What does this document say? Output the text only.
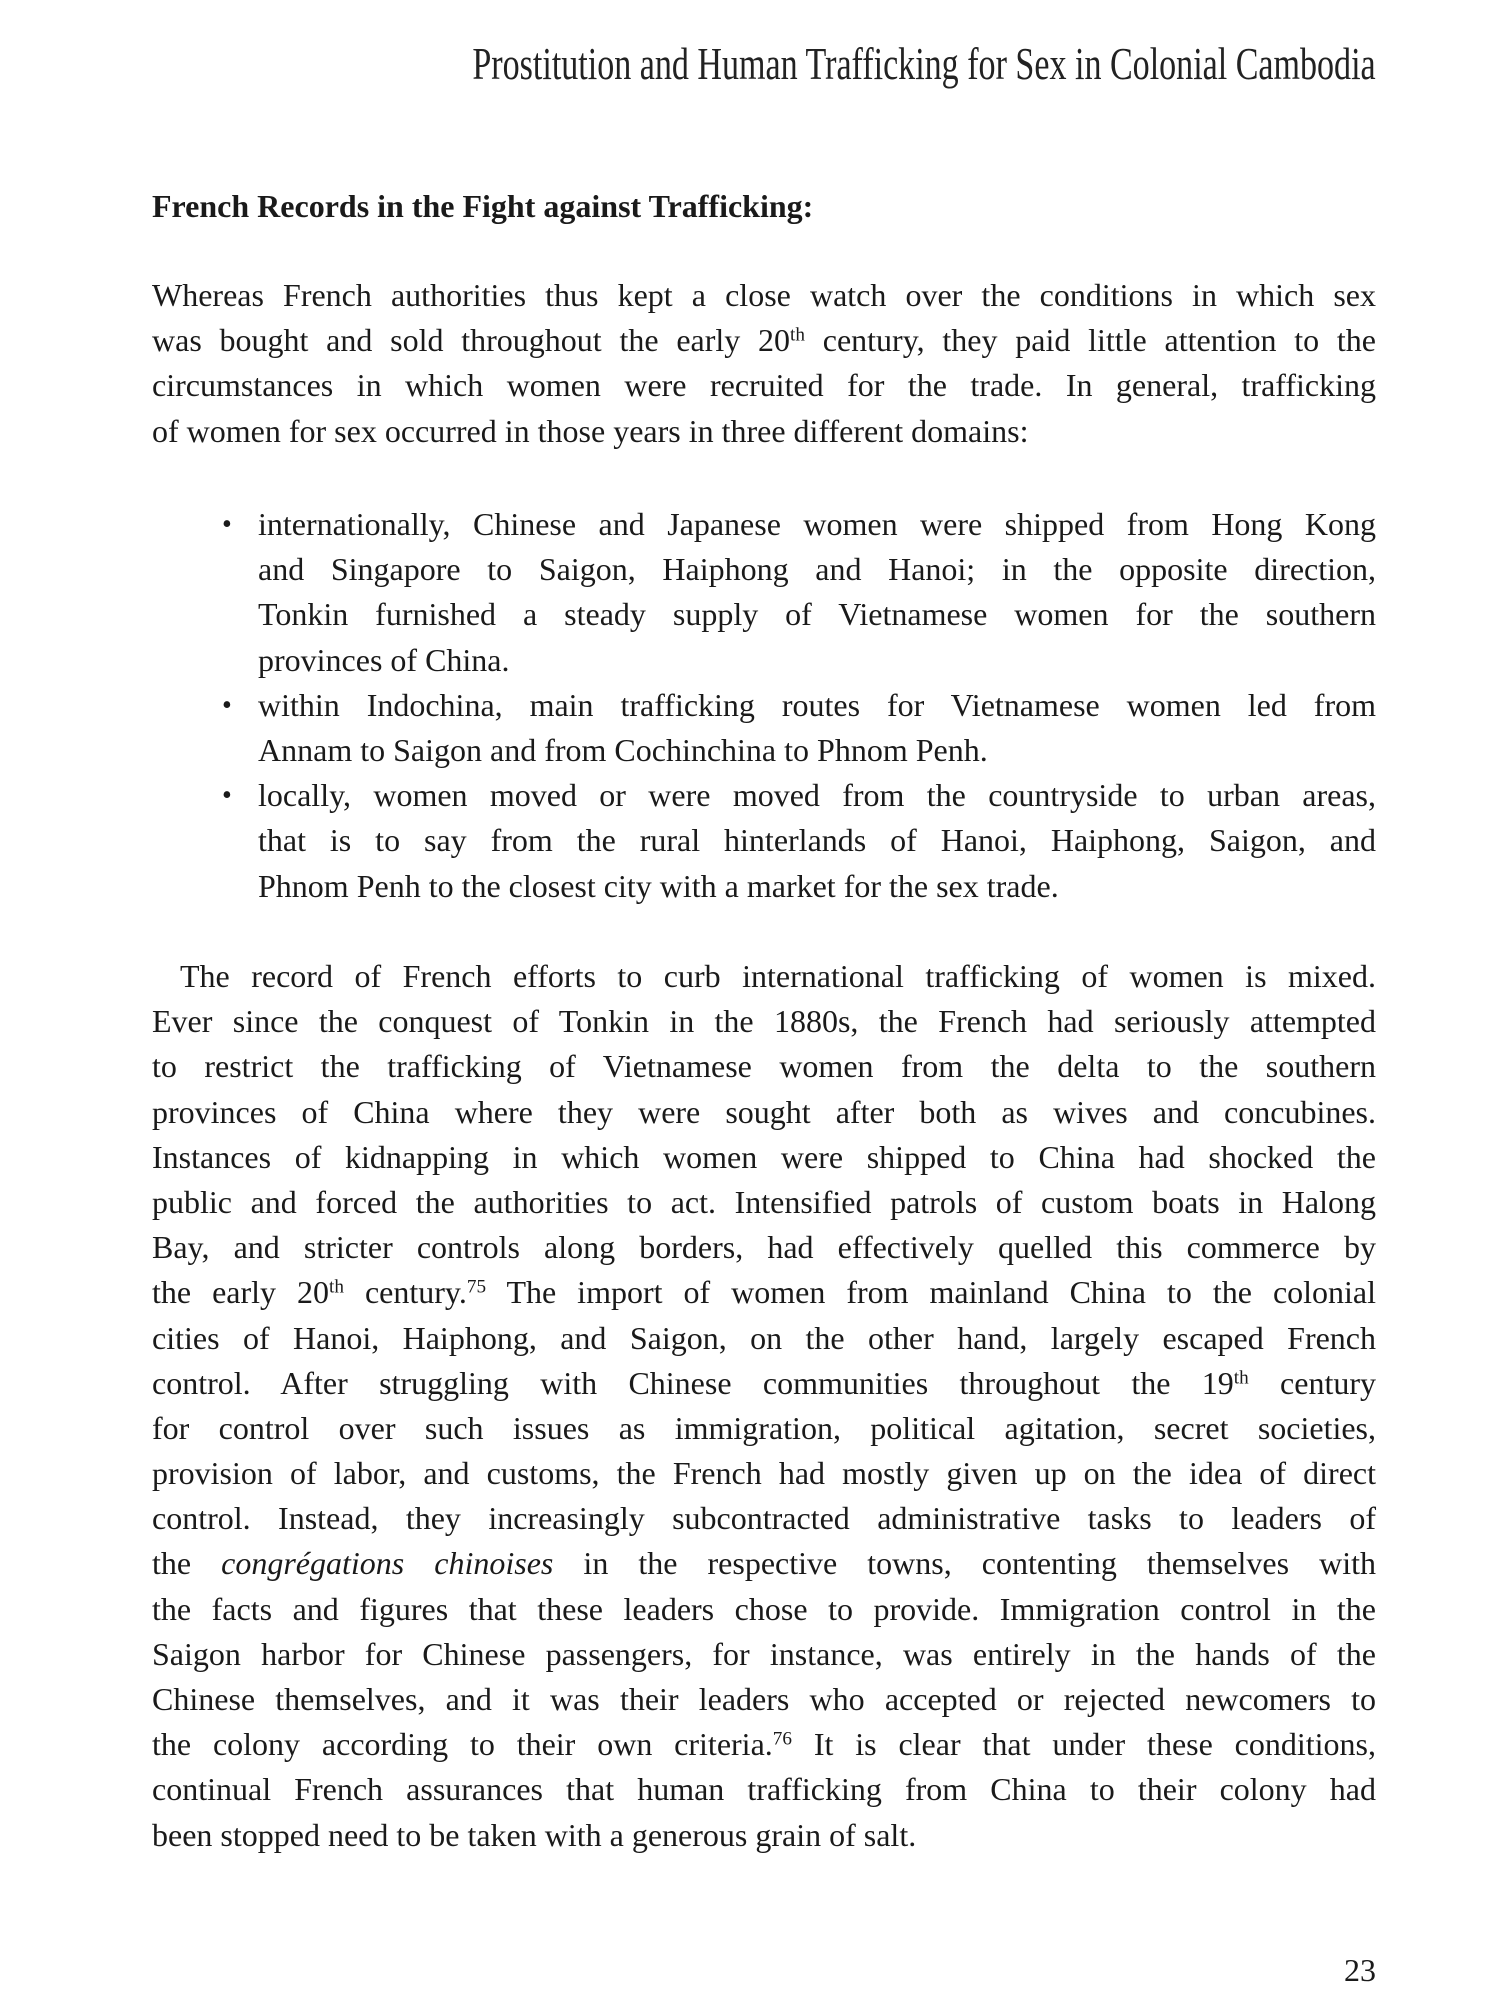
Prostitution and Human Trafficking for Sex in Colonial Cambodia
French Records in the Fight against Trafficking:
Whereas French authorities thus kept a close watch over the conditions in which sex
was bought and sold throughout the early 20th century, they paid little attention to the
circumstances in which women were recruited for the trade. In general, trafficking
of women for sex occurred in those years in three different domains:
• internationally, Chinese and Japanese women were shipped from Hong Kong
and Singapore to Saigon, Haiphong and Hanoi; in the opposite direction,
Tonkin furnished a steady supply of Vietnamese women for the southern
provinces of China.
• within Indochina, main trafficking routes for Vietnamese women led from
Annam to Saigon and from Cochinchina to Phnom Penh.
• locally, women moved or were moved from the countryside to urban areas,
that is to say from the rural hinterlands of Hanoi, Haiphong, Saigon, and
Phnom Penh to the closest city with a market for the sex trade.
The record of French efforts to curb international trafficking of women is mixed.
Ever since the conquest of Tonkin in the 1880s, the French had seriously attempted
to restrict the trafficking of Vietnamese women from the delta to the southern
provinces of China where they were sought after both as wives and concubines.
Instances of kidnapping in which women were shipped to China had shocked the
public and forced the authorities to act. Intensified patrols of custom boats in Halong
Bay, and stricter controls along borders, had effectively quelled this commerce by
the early 20th century.$^{75}$ The import of women from mainland China to the colonial
cities of Hanoi, Haiphong, and Saigon, on the other hand, largely escaped French
control. After struggling with Chinese communities throughout the 19th century
for control over such issues as immigration, political agitation, secret societies,
provision of labor, and customs, the French had mostly given up on the idea of direct
control. Instead, they increasingly subcontracted administrative tasks to leaders of
the congrégations chinoises in the respective towns, contenting themselves with
the facts and figures that these leaders chose to provide. Immigration control in the
Saigon harbor for Chinese passengers, for instance, was entirely in the hands of the
Chinese themselves, and it was their leaders who accepted or rejected newcomers to
the colony according to their own criteria.$^{76}$ It is clear that under these conditions,
continual French assurances that human trafficking from China to their colony had
been stopped need to be taken with a generous grain of salt.
23
